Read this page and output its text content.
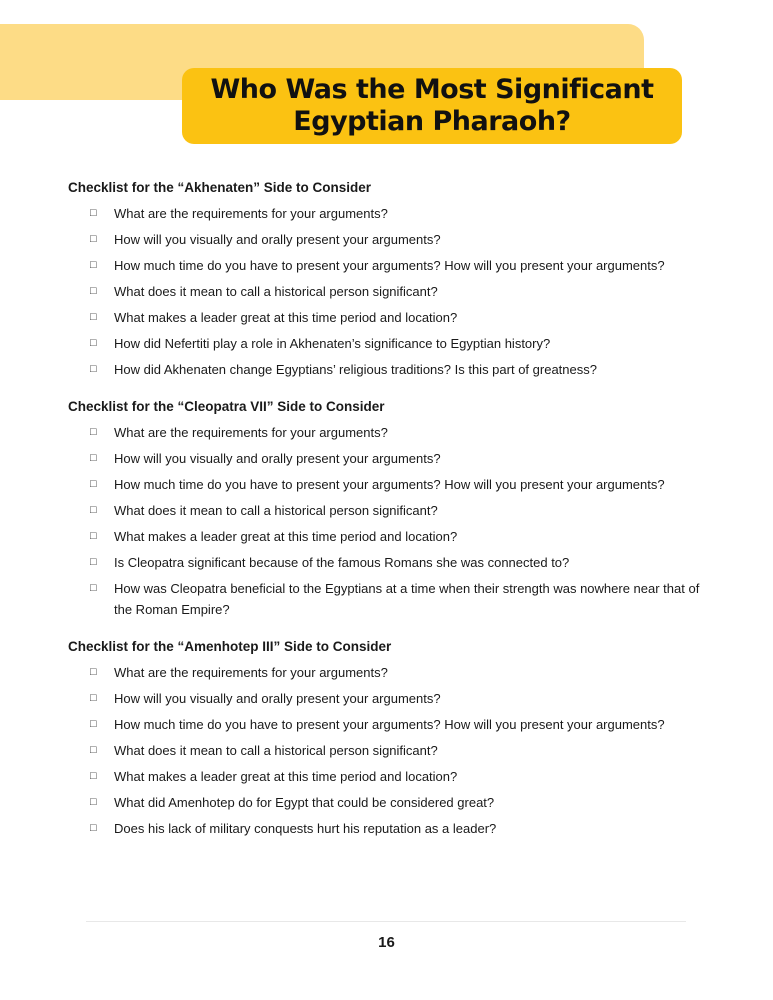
Who Was the Most Significant
Egyptian Pharaoh?
Checklist for the “Akhenaten” Side to Consider
□	What are the requirements for your arguments?
□	How will you visually and orally present your arguments?
□	How much time do you have to present your arguments? How will you present your arguments?
□	What does it mean to call a historical person significant?
□	What makes a leader great at this time period and location?
□	How did Nefertiti play a role in Akhenaten’s significance to Egyptian history?
□	How did Akhenaten change Egyptians’ religious traditions? Is this part of greatness?
Checklist for the “Cleopatra VII” Side to Consider
□	What are the requirements for your arguments?
□	How will you visually and orally present your arguments?
□	How much time do you have to present your arguments? How will you present your arguments?
□	What does it mean to call a historical person significant?
□	What makes a leader great at this time period and location?
□	Is Cleopatra significant because of the famous Romans she was connected to?
□	How was Cleopatra beneficial to the Egyptians at a time when their strength was nowhere near that of the Roman Empire?
Checklist for the “Amenhotep III” Side to Consider
□	What are the requirements for your arguments?
□	How will you visually and orally present your arguments?
□	How much time do you have to present your arguments? How will you present your arguments?
□	What does it mean to call a historical person significant?
□	What makes a leader great at this time period and location?
□	What did Amenhotep do for Egypt that could be considered great?
□	Does his lack of military conquests hurt his reputation as a leader?
16
